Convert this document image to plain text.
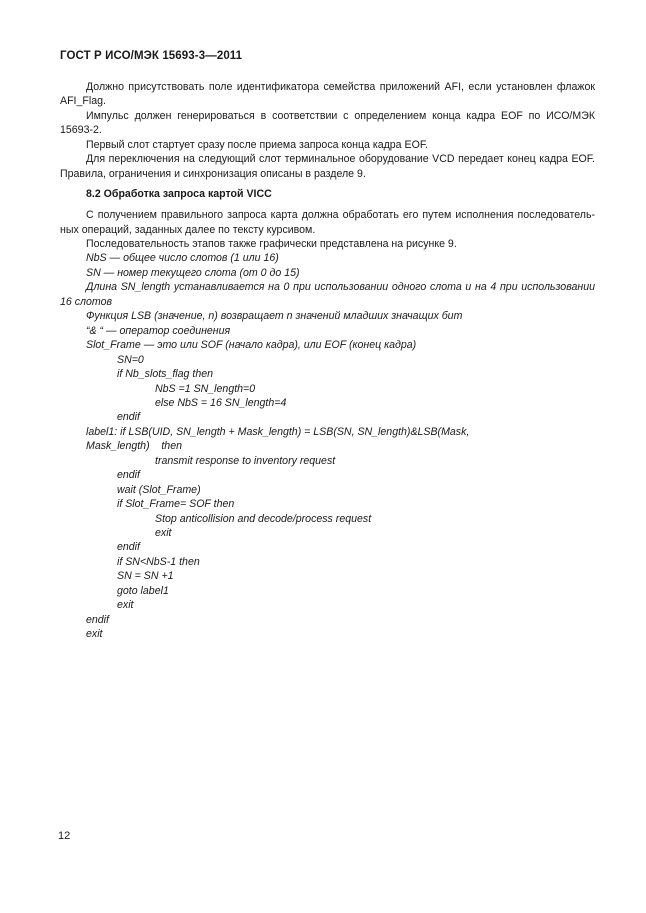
ГОСТ Р ИСО/МЭК 15693-3—2011
Должно присутствовать поле идентификатора семейства приложений AFI, если установлен флажок
AFI_Flag.
Импульс должен генерироваться в соответствии с определением конца кадра EOF по ИСО/МЭК
15693-2.
Первый слот стартует сразу после приема запроса конца кадра EOF.
Для переключения на следующий слот терминальное оборудование VCD передает конец кадра EOF.
Правила, ограничения и синхронизация описаны в разделе 9.
8.2 Обработка запроса картой VICC
С получением правильного запроса карта должна обработать его путем исполнения последователь-
ных операций, заданных далее по тексту курсивом.
Последовательность этапов также графически представлена на рисунке 9.
NbS — общее число слотов (1 или 16)
SN — номер текущего слота (от 0 до 15)
Длина SN_length устанавливается на 0 при использовании одного слота и на 4 при использовании
16 слотов
Функция LSB (значение, n) возвращает n значений младших значащих бит
“& “ — оператор соединения
Slot_Frame — это или SOF (начало кадра), или EOF (конец кадра)
SN=0
if Nb_slots_flag then
NbS =1 SN_length=0
else NbS = 16 SN_length=4
endif
label1: if LSB(UID, SN_length + Mask_length) = LSB(SN, SN_length)&LSB(Mask,
Mask_length)    then
transmit response to inventory request
endif
wait (Slot_Frame)
if Slot_Frame= SOF then
Stop anticollision and decode/process request
exit
endif
if SN<NbS-1 then
SN = SN +1
goto label1
exit
endif
exit
12
